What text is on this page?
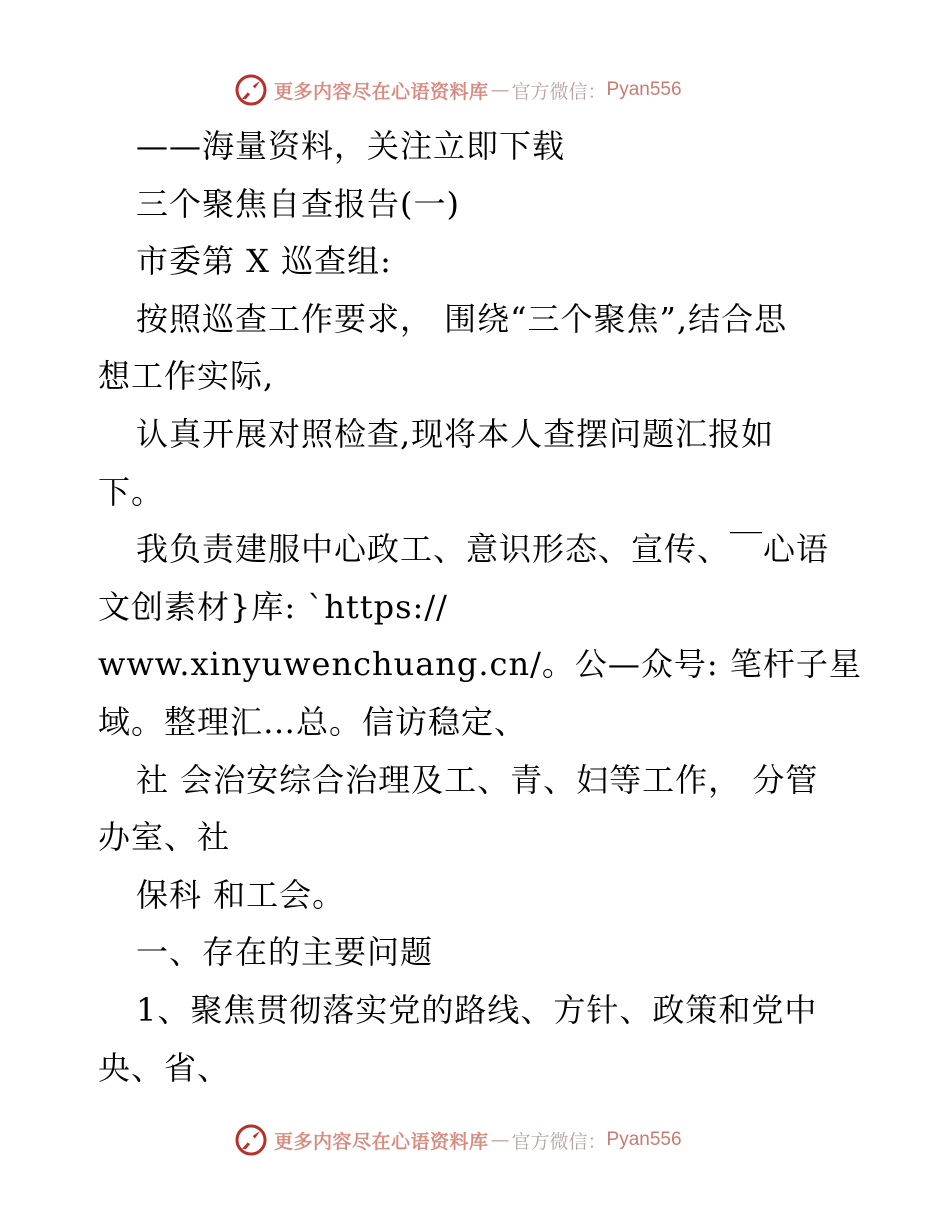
更多内容尽在心语资料库 — 官方微信： Pyan556
——海量资料，关注立即下载
三个聚焦自查报告(一)
市委第 X 巡查组:
按照巡查工作要求， 围绕“三个聚焦”,结合思
想工作实际,
认真开展对照检查,现将本人查摆问题汇报如
下。
我负责建服中心政工、意识形态、宣传、￣心语
文创素材}库: `https://
www.xinyuwenchuang.cn/。公—众号: 笔杆子星
域。整理汇…总。信访稳定、
社 会治安综合治理及工、青、妇等工作， 分管
办室、社
保科 和工会。
一、存在的主要问题
1、聚焦贯彻落实党的路线、方针、政策和党中
央、省、
更多内容尽在心语资料库 — 官方微信： Pyan556
